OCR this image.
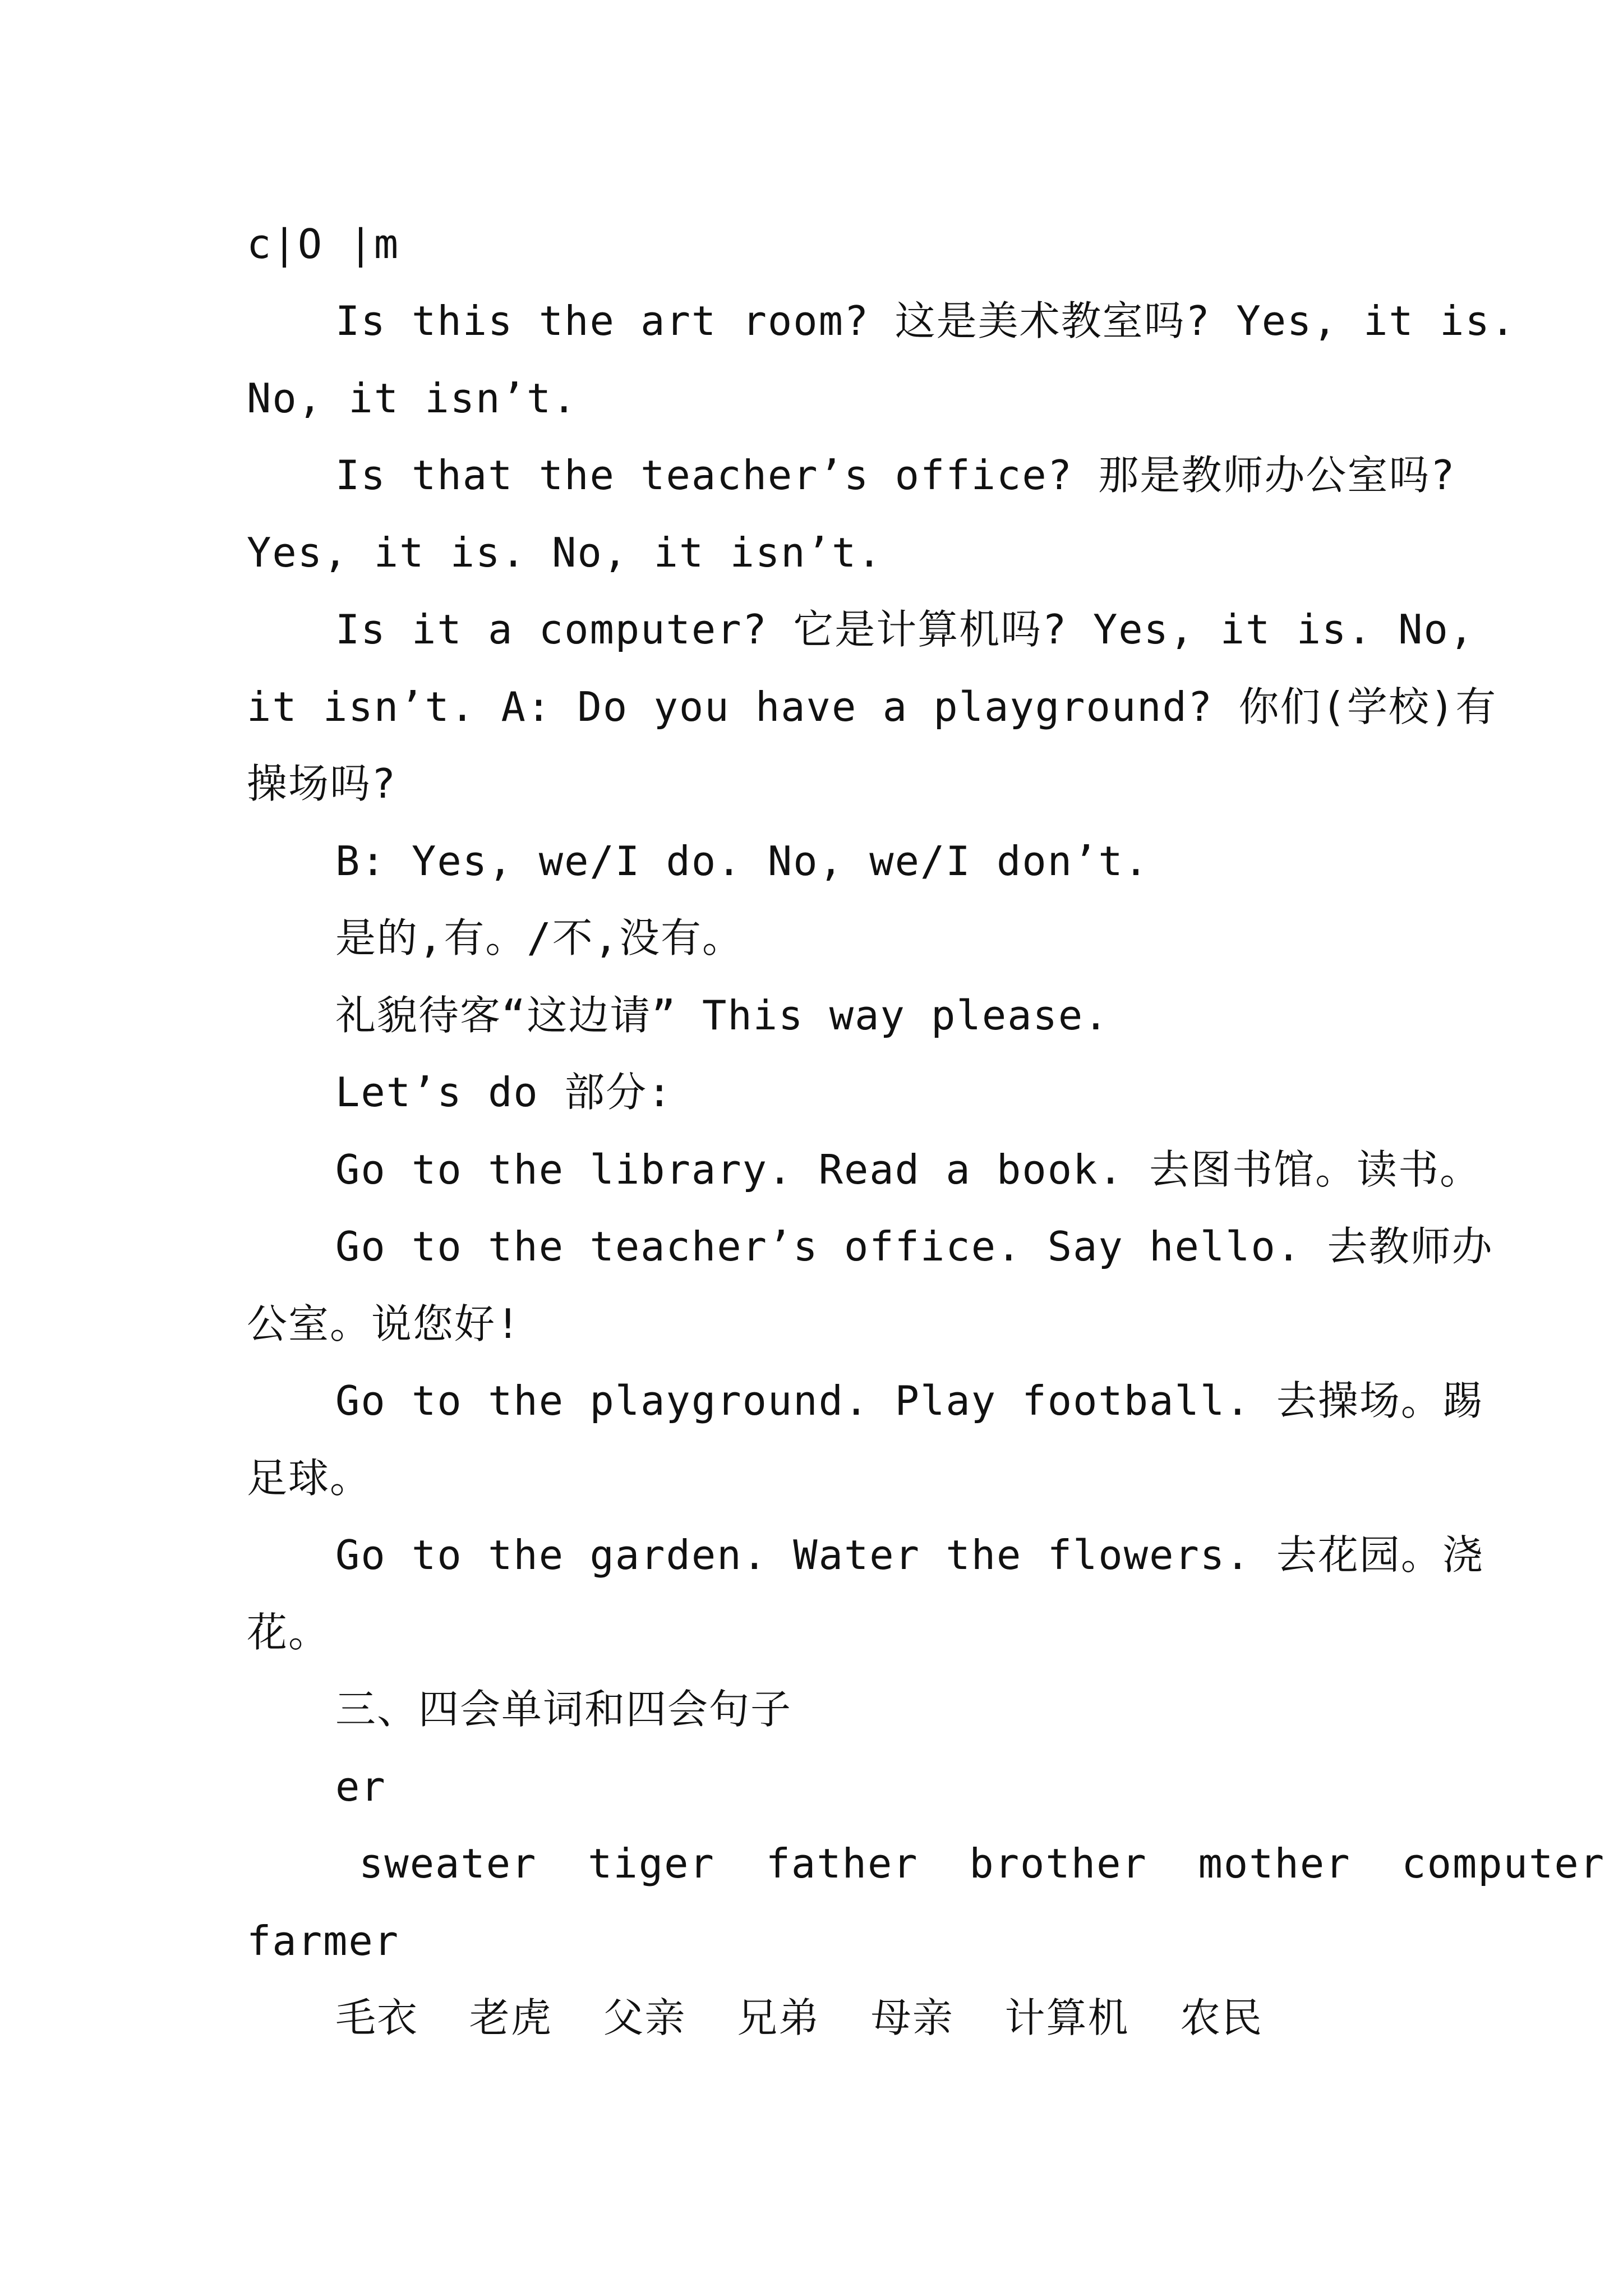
c|O |m
Is this the art room? 这是美术教室吗? Yes, it is.
No, it isn’t.
Is that the teacher’s office? 那是教师办公室吗?
Yes, it is. No, it isn’t.
Is it a computer? 它是计算机吗? Yes, it is. No,
it isn’t. A: Do you have a playground? 你们(学校)有
操场吗?
B: Yes, we/I do. No, we/I don’t.
是的,有。/不,没有。
礼貌待客“这边请” This way please.
Let’s do 部分:
Go to the library. Read a book. 去图书馆。读书。
Go to the teacher’s office. Say hello. 去教师办
公室。说您好!
Go to the playground. Play football. 去操场。踢
足球。
Go to the garden. Water the flowers. 去花园。浇
花。
三、四会单词和四会句子
er
sweater  tiger  father  brother  mother  computer
farmer
毛衣  老虎  父亲  兄弟  母亲  计算机  农民
